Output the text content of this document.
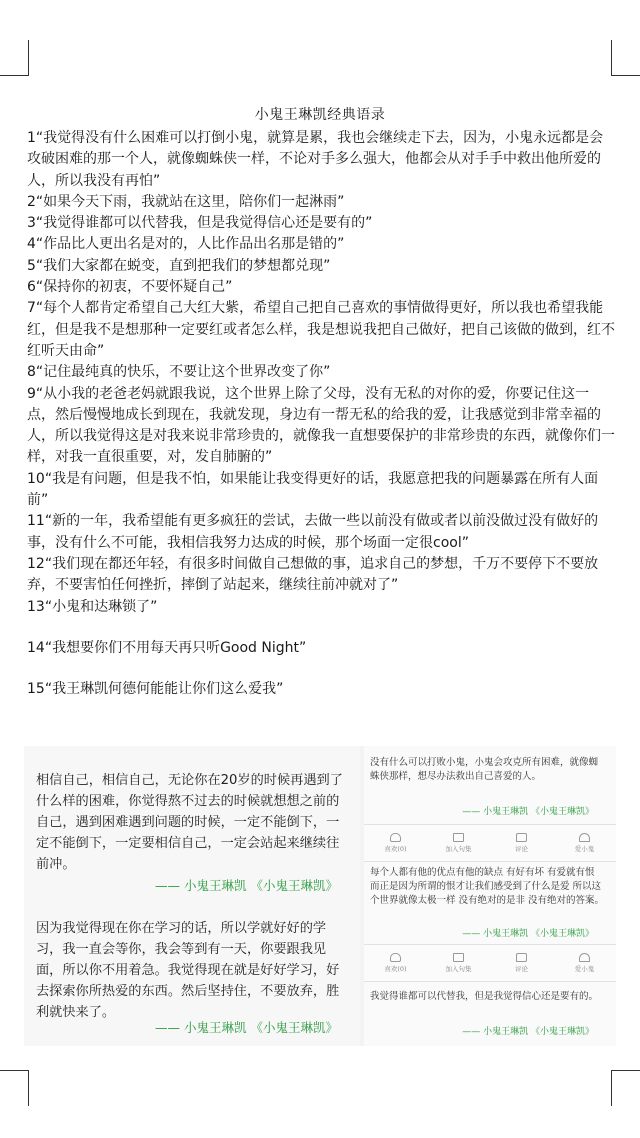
小鬼王琳凯经典语录

1“我觉得没有什么困难可以打倒小鬼，就算是累，我也会继续走下去，因为，小鬼永远都是会攻破困难的那一个人，就像蜘蛛侠一样，不论对手多么强大，他都会从对手手中救出他所爱的人，所以我没有再怕”

2“如果今天下雨，我就站在这里，陪你们一起淋雨”

3“我觉得谁都可以代替我，但是我觉得信心还是要有的”

4“作品比人更出名是对的，人比作品出名那是错的”

5“我们大家都在蜕变，直到把我们的梦想都兑现”

6“保持你的初衷，不要怀疑自己”

7“每个人都肯定希望自己大红大紫，希望自己把自己喜欢的事情做得更好，所以我也希望我能红，但是我不是想那种一定要红或者怎么样，我是想说我把自己做好，把自己该做的做到，红不红听天由命”

8“记住最纯真的快乐，不要让这个世界改变了你”

9“从小我的老爸老妈就跟我说，这个世界上除了父母，没有无私的对你的爱，你要记住这一点，然后慢慢地成长到现在，我就发现，身边有一帮无私的给我的爱，让我感觉到非常幸福的人，所以我觉得这是对我来说非常珍贵的，就像我一直想要保护的非常珍贵的东西，就像你们一样，对我一直很重要，对，发自肺腑的”

10“我是有问题，但是我不怕，如果能让我变得更好的话，我愿意把我的问题暴露在所有人面前”

11“新的一年，我希望能有更多疯狂的尝试，去做一些以前没有做或者以前没做过没有做好的事，没有什么不可能，我相信我努力达成的时候，那个场面一定很cool”

12“我们现在都还年轻，有很多时间做自己想做的事，追求自己的梦想，千万不要停下不要放弃，不要害怕任何挫折，摔倒了站起来，继续往前冲就对了”

13“小鬼和达琳锁了”

14“我想要你们不用每天再只听Good Night”

15“我王琳凯何德何能能让你们这么爱我”

相信自己，相信自己，无论你在20岁的时候再遇到了什么样的困难，你觉得熬不过去的时候就想想之前的自己，遇到困难遇到问题的时候，一定不能倒下，一定不能倒下，一定要相信自己，一定会站起来继续往前冲。
—— 小鬼王琳凯 《小鬼王琳凯》
因为我觉得现在你在学习的话，所以学就好好的学习，我一直会等你，我会等到有一天，你要跟我见面，所以你不用着急。我觉得现在就是好好学习，好去探索你所热爱的东西。然后坚持住，不要放弃，胜利就快来了。
—— 小鬼王琳凯 《小鬼王琳凯》
没有什么可以打败小鬼，小鬼会攻克所有困难，就像蜘蛛侠那样，想尽办法救出自己喜爱的人。
—— 小鬼王琳凯 《小鬼王琳凯》
喜欢(0)	加入句集	评论	爱小鬼
每个人都有他的优点有他的缺点 有好有坏 有爱就有恨 而正是因为所谓的恨才让我们感受到了什么是爱 所以这个世界就像太极一样 没有绝对的是非 没有绝对的答案。
—— 小鬼王琳凯 《小鬼王琳凯》
喜欢(0)	加入句集	评论	爱小鬼
我觉得谁都可以代替我，但是我觉得信心还是要有的。
—— 小鬼王琳凯 《小鬼王琳凯》
